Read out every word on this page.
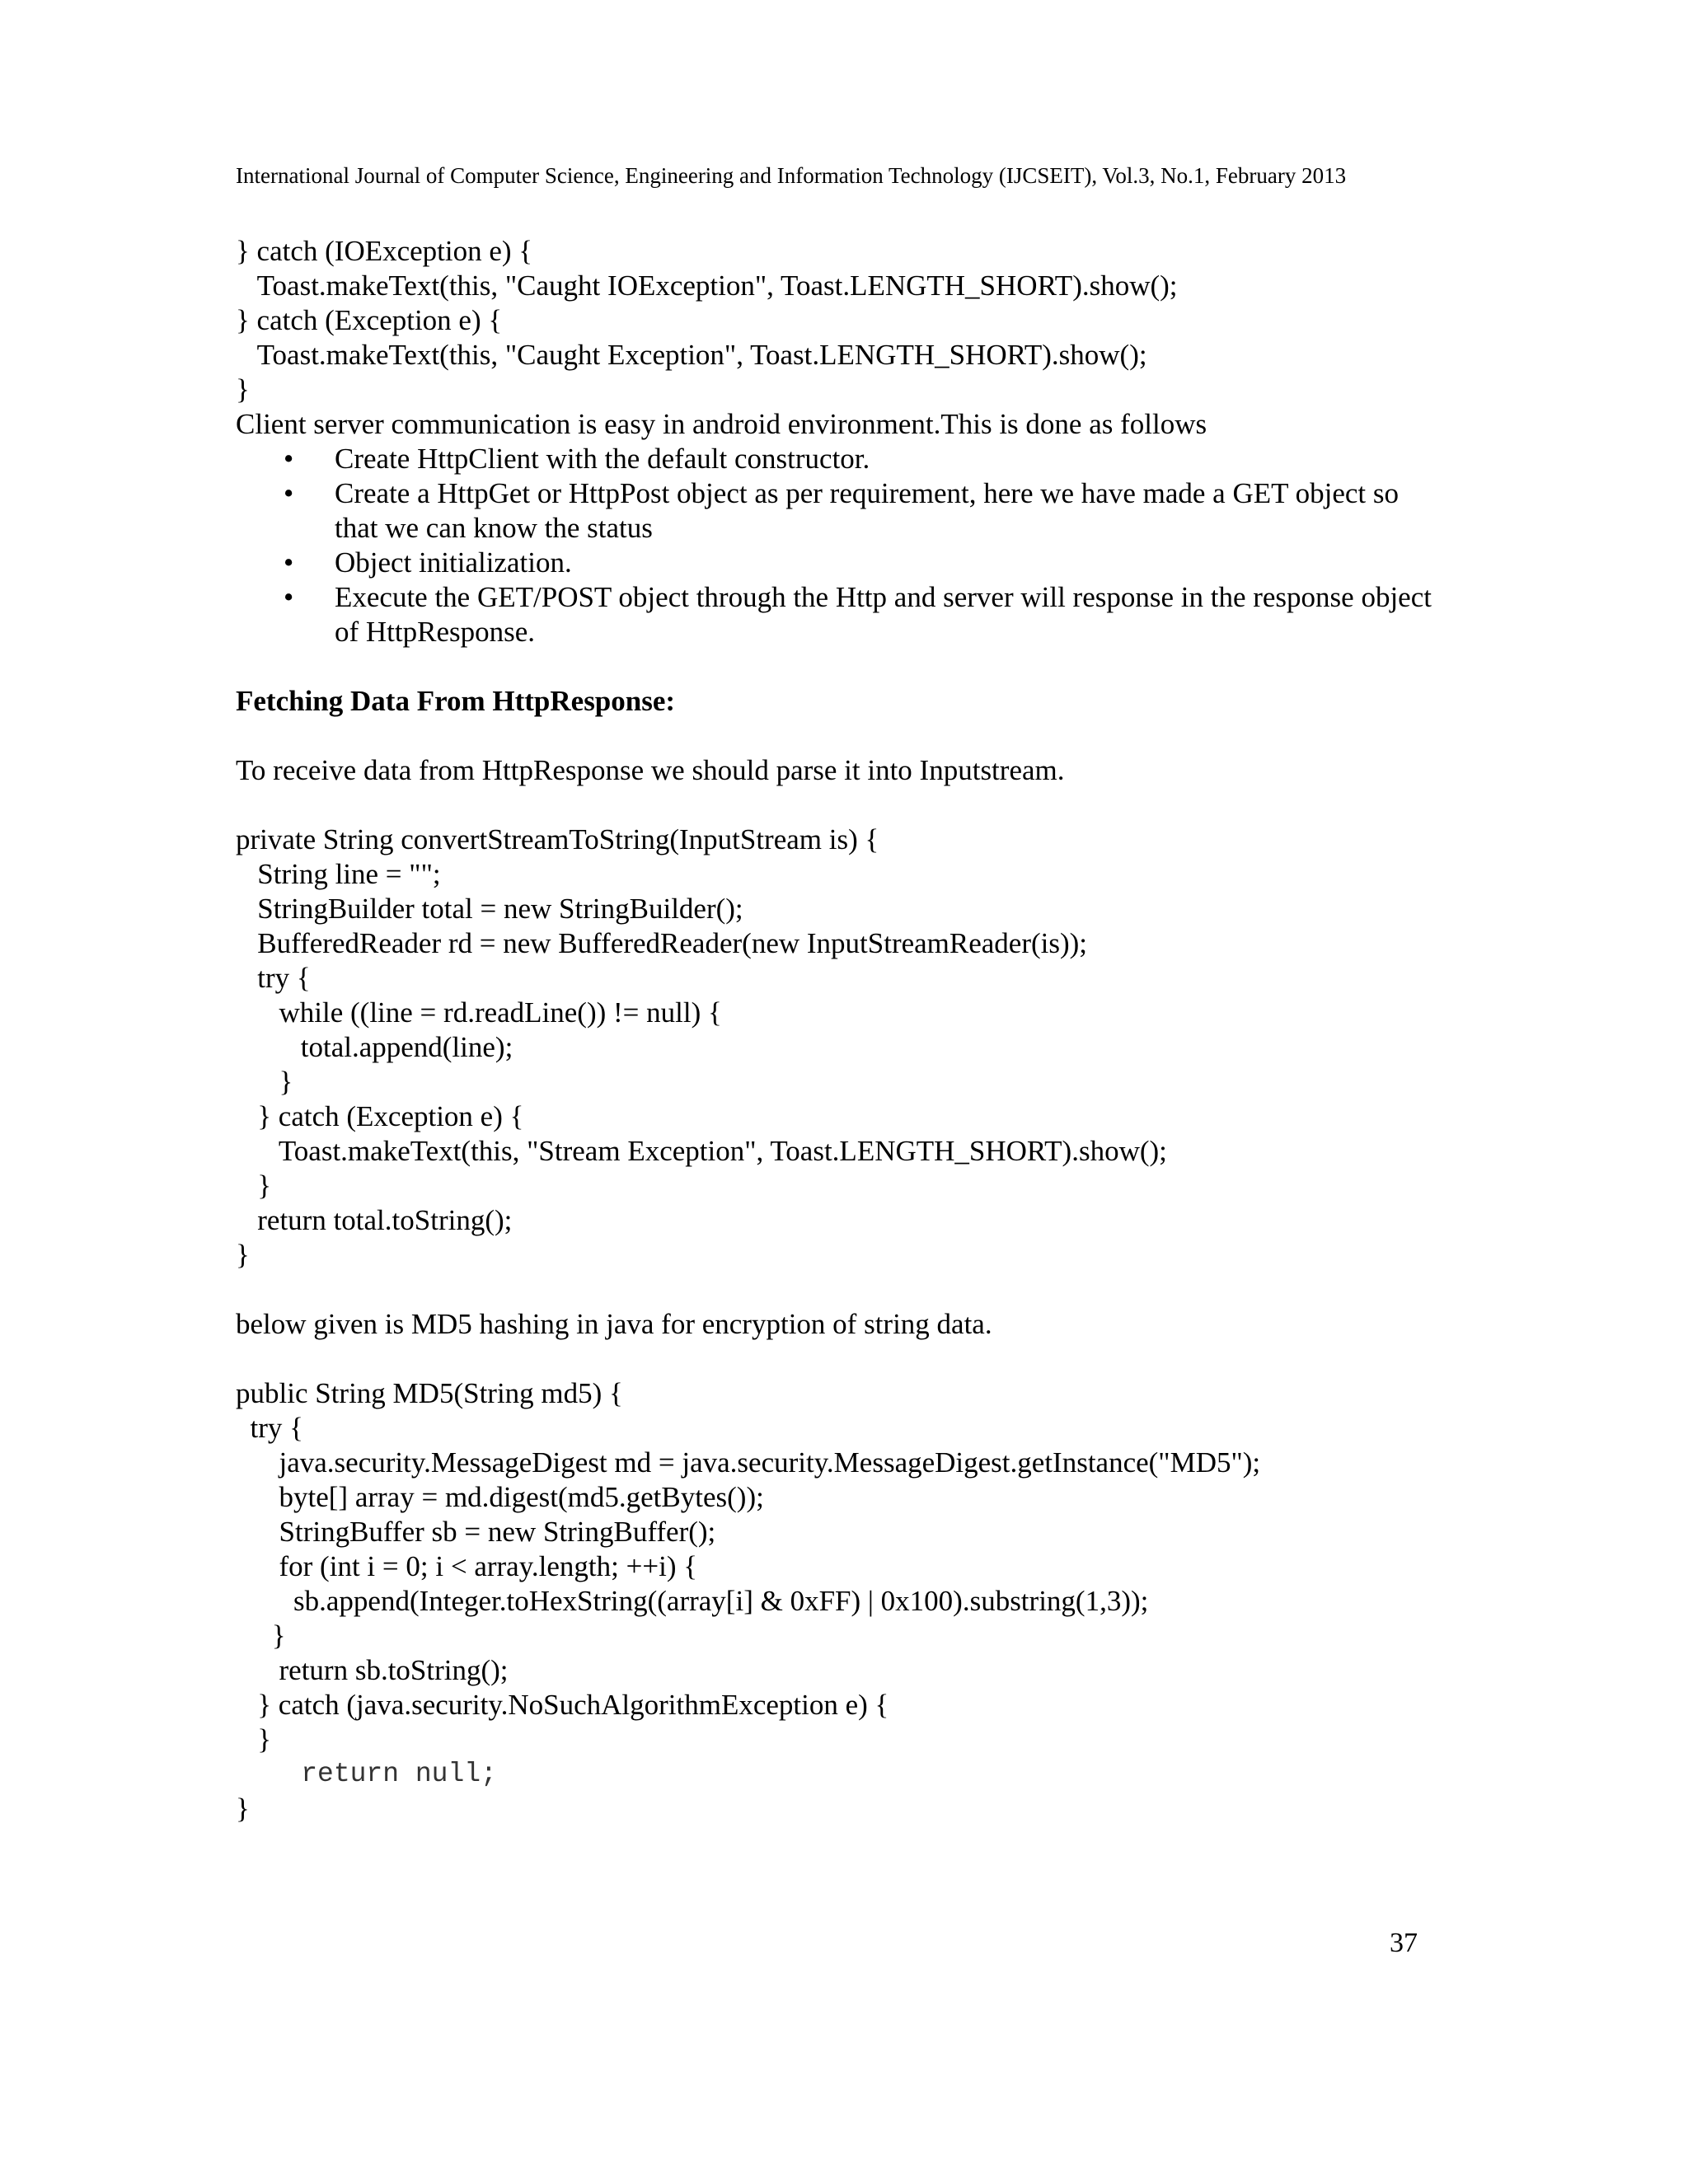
International Journal of Computer Science, Engineering and Information Technology (IJCSEIT), Vol.3, No.1, February 2013
} catch (IOException e) {
Toast.makeText(this, "Caught IOException", Toast.LENGTH_SHORT).show();
} catch (Exception e) {
Toast.makeText(this, "Caught Exception", Toast.LENGTH_SHORT).show();
}

Client server communication is easy in android environment.This is done as follows

• Create HttpClient with the default constructor.
• Create a HttpGet or HttpPost object as per requirement, here we have made a GET object so that we can know the status
• Object initialization.
• Execute the GET/POST object through the Http and server will response in the response object of HttpResponse.

Fetching Data From HttpResponse:

To receive data from HttpResponse we should parse it into Inputstream.

private String convertStreamToString(InputStream is) {
String line = "";
StringBuilder total = new StringBuilder();
BufferedReader rd = new BufferedReader(new InputStreamReader(is));
try {
while ((line = rd.readLine()) != null) {
total.append(line);
}
} catch (Exception e) {
Toast.makeText(this, "Stream Exception", Toast.LENGTH_SHORT).show();
}
return total.toString();
}

below given is MD5 hashing in java for encryption of string data.

public String MD5(String md5) {
try {
java.security.MessageDigest md = java.security.MessageDigest.getInstance("MD5");
byte[] array = md.digest(md5.getBytes());
StringBuffer sb = new StringBuffer();
for (int i = 0; i < array.length; ++i) {
sb.append(Integer.toHexString((array[i] & 0xFF) | 0x100).substring(1,3));
}
return sb.toString();
} catch (java.security.NoSuchAlgorithmException e) {
}
return null;
}
37
